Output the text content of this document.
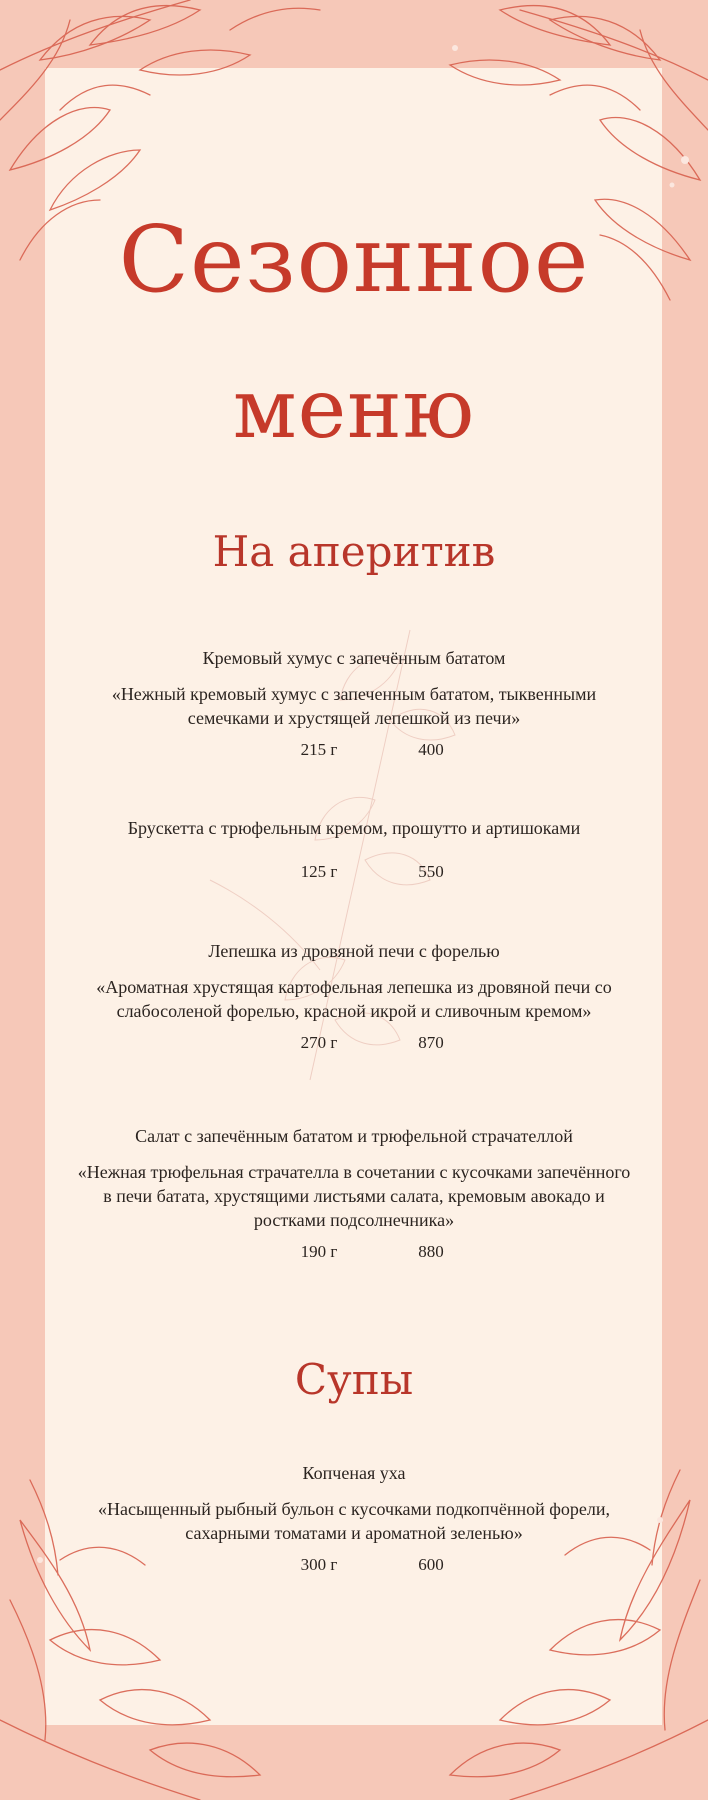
Сезонное
меню
На аперитив
Кремовый хумус с запечённым бататом
«Нежный кремовый хумус с запеченным бататом, тыквенными семечками и хрустящей лепешкой из печи»
215 г	400
Брускетта с трюфельным кремом, прошутто и артишоками
125 г	550
Лепешка из дровяной печи с форелью
«Ароматная хрустящая картофельная лепешка из дровяной печи со слабосоленой форелью, красной икрой и сливочным кремом»
270 г	870
Салат с запечённым бататом и трюфельной страчателлой
«Нежная трюфельная страчателла в сочетании с кусочками запечённого в печи батата, хрустящими листьями салата, кремовым авокадо и ростками подсолнечника»
190 г	880
Супы
Копченая уха
«Насыщенный рыбный бульон с кусочками подкопчённой форели, сахарными томатами и ароматной зеленью»
300 г	600
